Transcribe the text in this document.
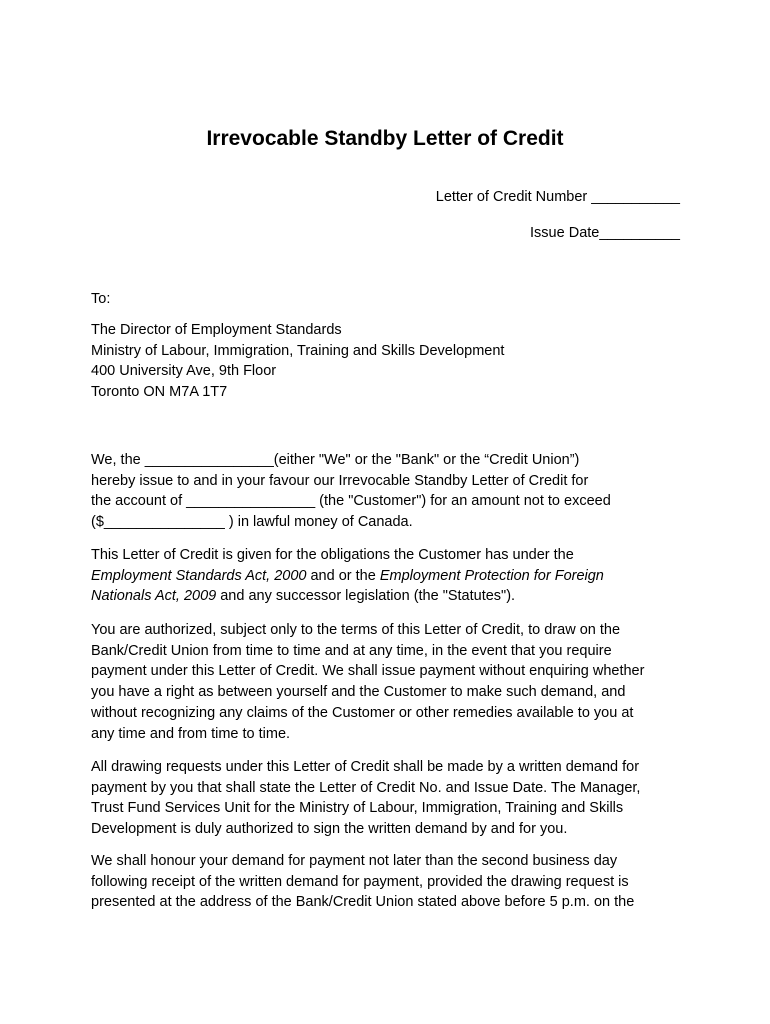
Irrevocable Standby Letter of Credit
Letter of Credit Number ___________
Issue Date__________
To:
The Director of Employment Standards
Ministry of Labour, Immigration, Training and Skills Development
400 University Ave, 9th Floor
Toronto ON M7A 1T7
We, the ________________(either "We" or the "Bank" or the “Credit Union”)
hereby issue to and in your favour our Irrevocable Standby Letter of Credit for
the account of ________________ (the "Customer") for an amount not to exceed
($_______________ ) in lawful money of Canada.
This Letter of Credit is given for the obligations the Customer has under the
Employment Standards Act, 2000 and or the Employment Protection for Foreign
Nationals Act, 2009 and any successor legislation (the "Statutes").
You are authorized, subject only to the terms of this Letter of Credit, to draw on the
Bank/Credit Union from time to time and at any time, in the event that you require
payment under this Letter of Credit. We shall issue payment without enquiring whether
you have a right as between yourself and the Customer to make such demand, and
without recognizing any claims of the Customer or other remedies available to you at
any time and from time to time.
All drawing requests under this Letter of Credit shall be made by a written demand for
payment by you that shall state the Letter of Credit No. and Issue Date. The Manager,
Trust Fund Services Unit for the Ministry of Labour, Immigration, Training and Skills
Development is duly authorized to sign the written demand by and for you.
We shall honour your demand for payment not later than the second business day
following receipt of the written demand for payment, provided the drawing request is
presented at the address of the Bank/Credit Union stated above before 5 p.m. on the
